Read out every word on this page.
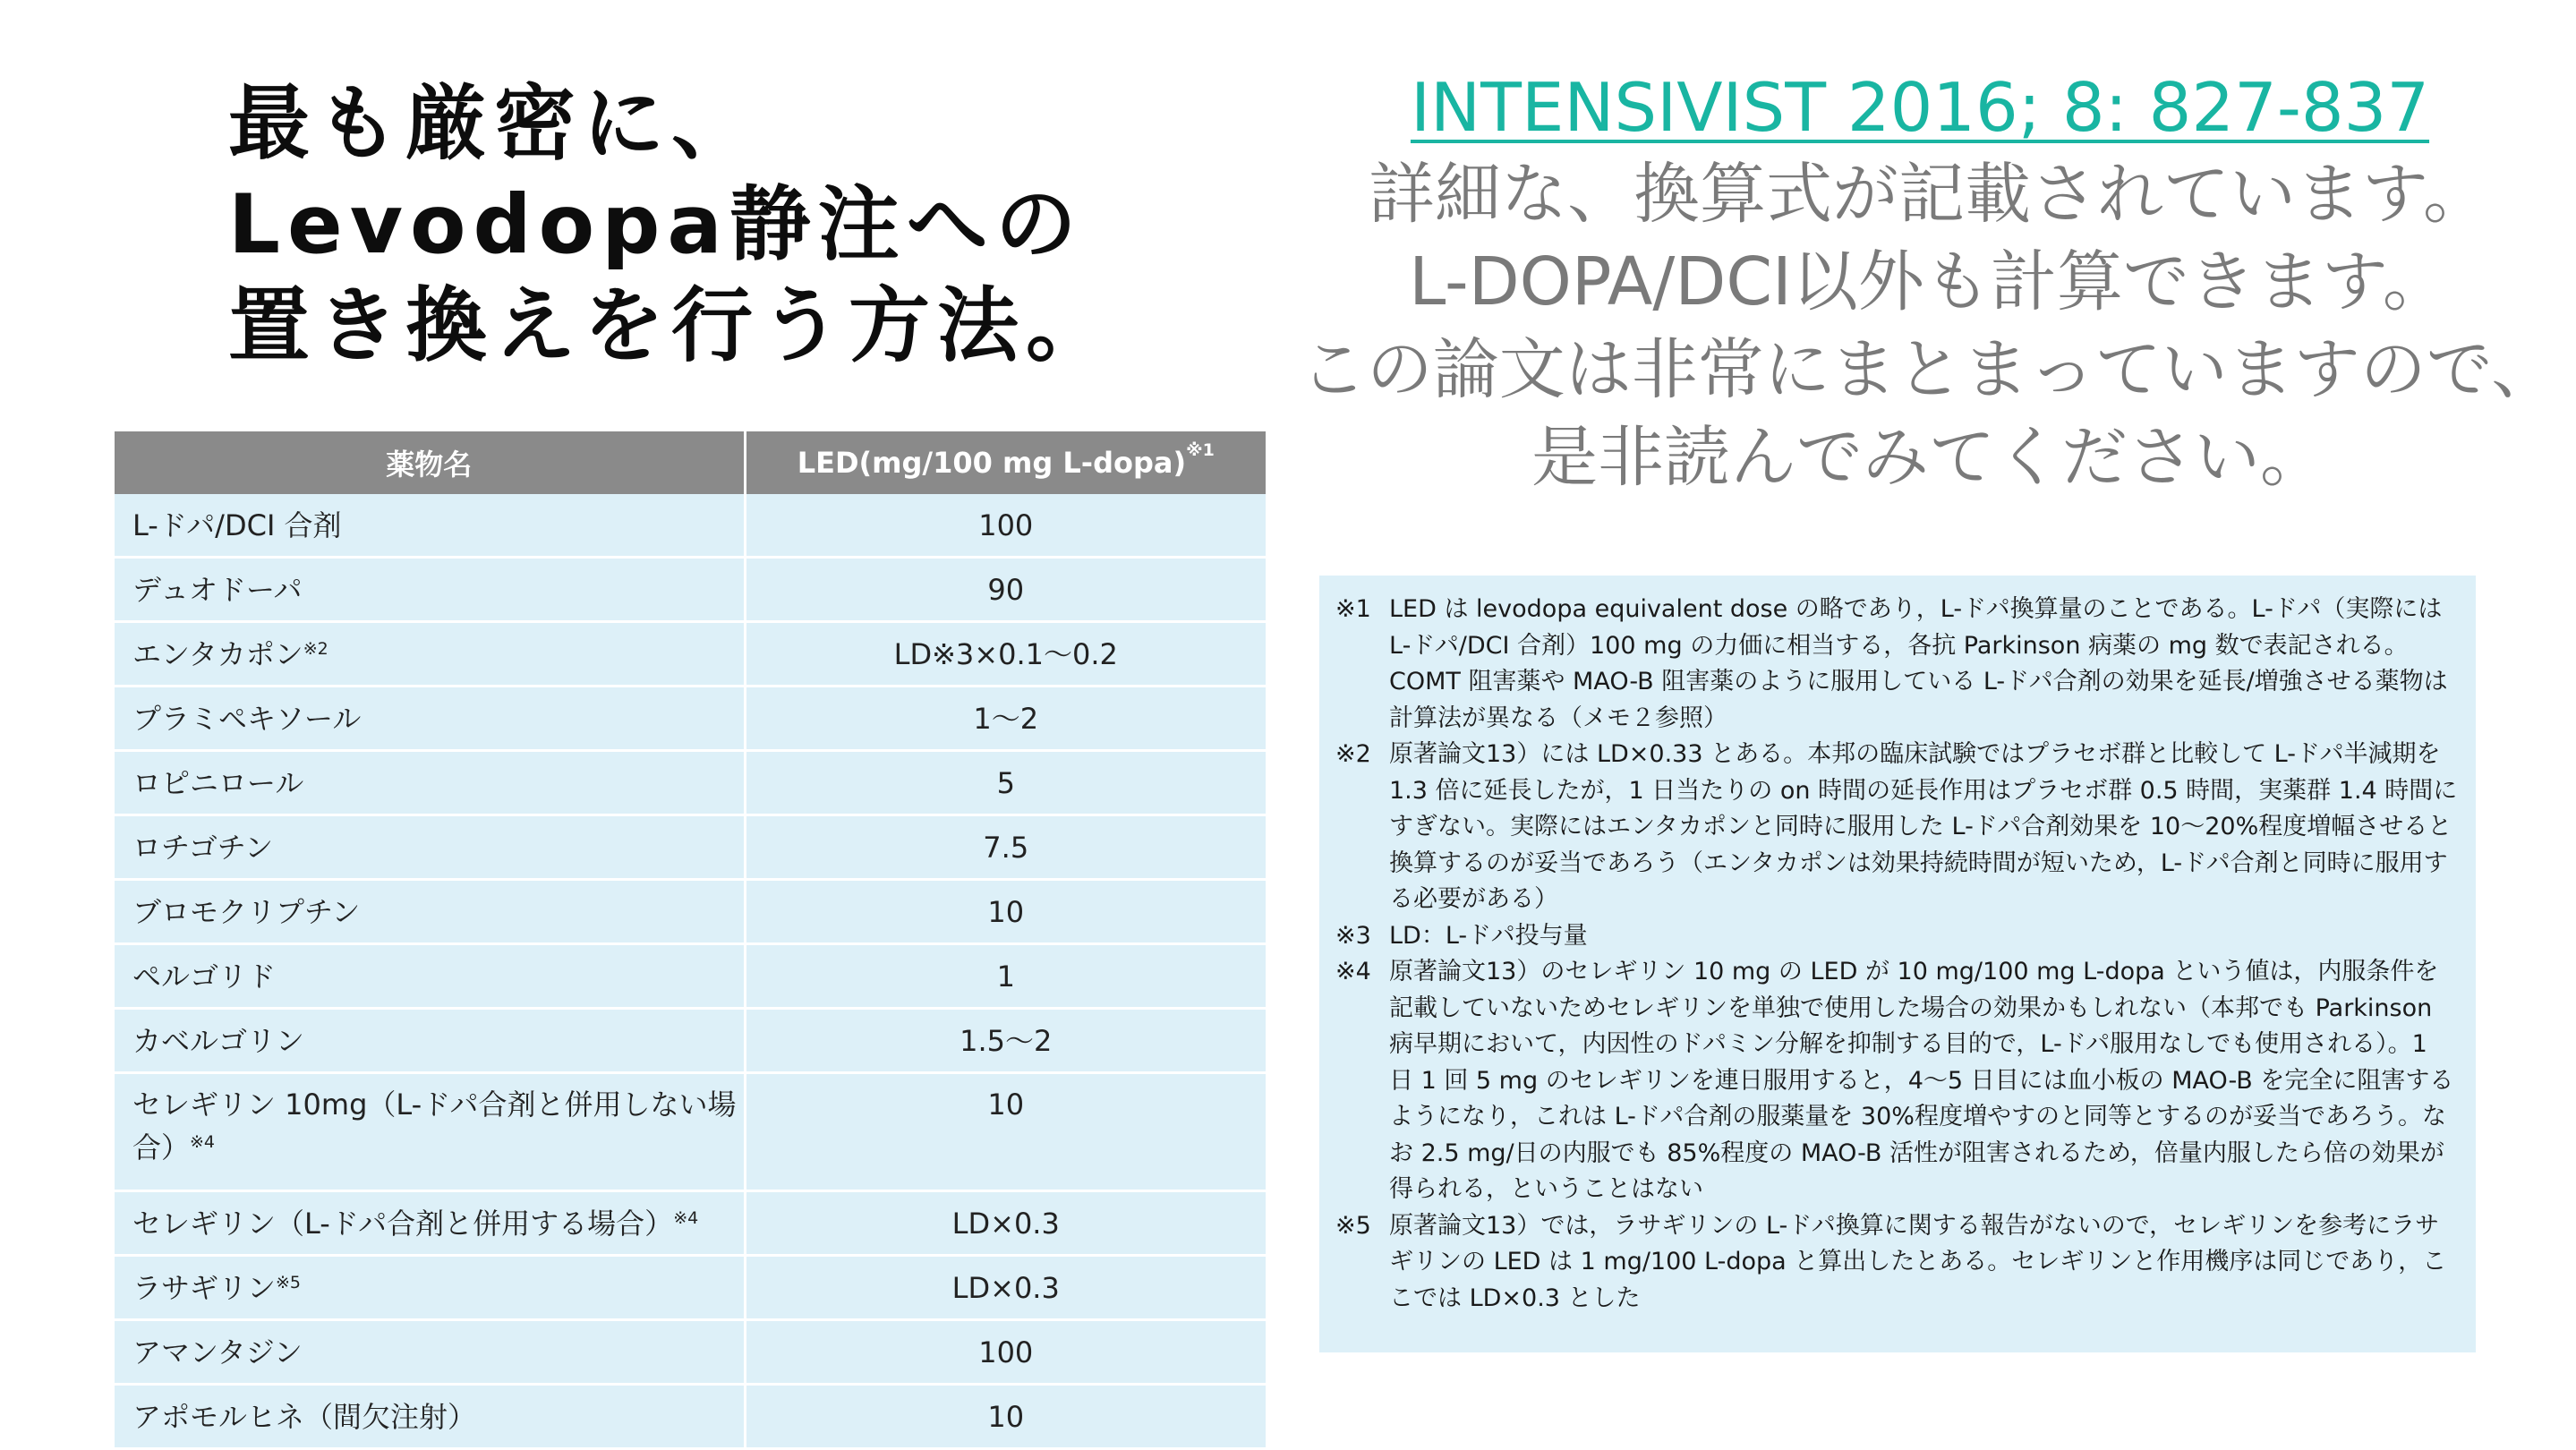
最も厳密に、
Levodopa静注への
置き換えを行う方法。
INTENSIVIST 2016; 8: 827-837
詳細な、換算式が記載されています。
L-DOPA/DCI以外も計算できます。
この論文は非常にまとまっていますので、
是非読んでみてください。
薬物名	LED(mg/100 mg L-dopa)$^{※1}$
L-ドパ/DCI 合剤	100
デュオドーパ	90
エンタカポン$^{※2}$	LD※3×0.1～0.2
プラミペキソール	1～2
ロピニロール	5
ロチゴチン	7.5
ブロモクリプチン	10
ペルゴリド	1
カベルゴリン	1.5～2
セレギリン 10mg（L-ドパ合剤と併用しない場合）$^{※4}$	10
セレギリン（L-ドパ合剤と併用する場合）$^{※4}$	LD×0.3
ラサギリン$^{※5}$	LD×0.3
アマンタジン	100
アポモルヒネ（間欠注射）	10
※1 LED は levodopa equivalent dose の略であり，L-ドパ換算量のことである。L-ドパ（実際には L-ドパ/DCI 合剤）100 mg の力価に相当する，各抗 Parkinson 病薬の mg 数で表記される。COMT 阻害薬や MAO-B 阻害薬のように服用している L-ドパ合剤の効果を延長/増強させる薬物は計算法が異なる（メモ２参照）
※2 原著論文13）には LD×0.33 とある。本邦の臨床試験ではプラセボ群と比較して L-ドパ半減期を 1.3 倍に延長したが，1 日当たりの on 時間の延長作用はプラセボ群 0.5 時間，実薬群 1.4 時間にすぎない。実際にはエンタカポンと同時に服用した L-ドパ合剤効果を 10～20%程度増幅させると換算するのが妥当であろう（エンタカポンは効果持続時間が短いため，L-ドパ合剤と同時に服用する必要がある）
※3 LD：L-ドパ投与量
※4 原著論文13）のセレギリン 10 mg の LED が 10 mg/100 mg L-dopa という値は，内服条件を記載していないためセレギリンを単独で使用した場合の効果かもしれない（本邦でも Parkinson 病早期において，内因性のドパミン分解を抑制する目的で，L-ドパ服用なしでも使用される）。1 日 1 回 5 mg のセレギリンを連日服用すると，4～5 日目には血小板の MAO-B を完全に阻害するようになり，これは L-ドパ合剤の服薬量を 30%程度増やすのと同等とするのが妥当であろう。なお 2.5 mg/日の内服でも 85%程度の MAO-B 活性が阻害されるため，倍量内服したら倍の効果が得られる，ということはない
※5 原著論文13）では，ラサギリンの L-ドパ換算に関する報告がないので，セレギリンを参考にラサギリンの LED は 1 mg/100 L-dopa と算出したとある。セレギリンと作用機序は同じであり，ここでは LD×0.3 とした
